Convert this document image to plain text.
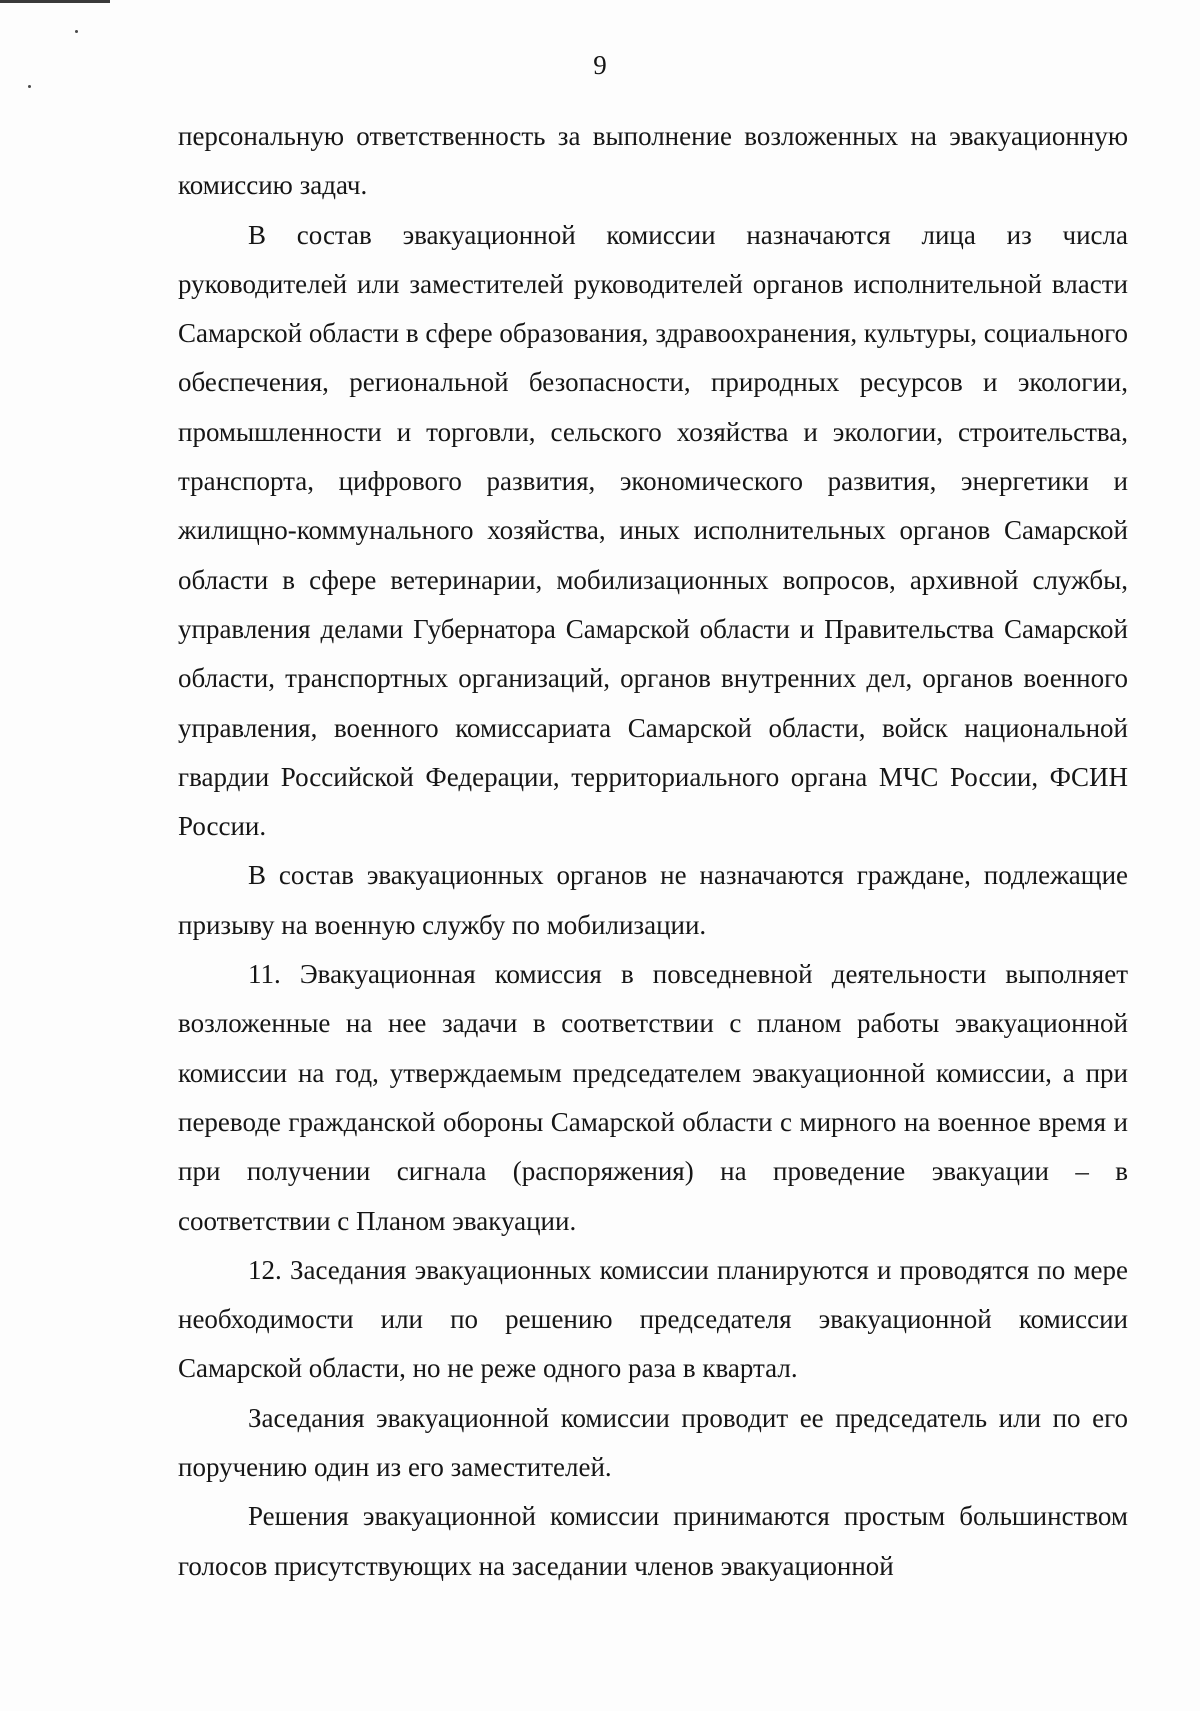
9

персональную ответственность за выполнение возложенных на эвакуационную комиссию задач.

В состав эвакуационной комиссии назначаются лица из числа руководителей или заместителей руководителей органов исполнительной власти Самарской области в сфере образования, здравоохранения, культуры, социального обеспечения, региональной безопасности, природных ресурсов и экологии, промышленности и торговли, сельского хозяйства и экологии, строительства, транспорта, цифрового развития, экономического развития, энергетики и жилищно-коммунального хозяйства, иных исполнительных органов Самарской области в сфере ветеринарии, мобилизационных вопросов, архивной службы, управления делами Губернатора Самарской области и Правительства Самарской области, транспортных организаций, органов внутренних дел, органов военного управления, военного комиссариата Самарской области, войск национальной гвардии Российской Федерации, территориального органа МЧС России, ФСИН России.

В состав эвакуационных органов не назначаются граждане, подлежащие призыву на военную службу по мобилизации.

11. Эвакуационная комиссия в повседневной деятельности выполняет возложенные на нее задачи в соответствии с планом работы эвакуационной комиссии на год, утверждаемым председателем эвакуационной комиссии, а при переводе гражданской обороны Самарской области с мирного на военное время и при получении сигнала (распоряжения) на проведение эвакуации – в соответствии с Планом эвакуации.

12. Заседания эвакуационных комиссии планируются и проводятся по мере необходимости или по решению председателя эвакуационной комиссии Самарской области, но не реже одного раза в квартал.

Заседания эвакуационной комиссии проводит ее председатель или по его поручению один из его заместителей.

Решения эвакуационной комиссии принимаются простым большинством голосов присутствующих на заседании членов эвакуационной
